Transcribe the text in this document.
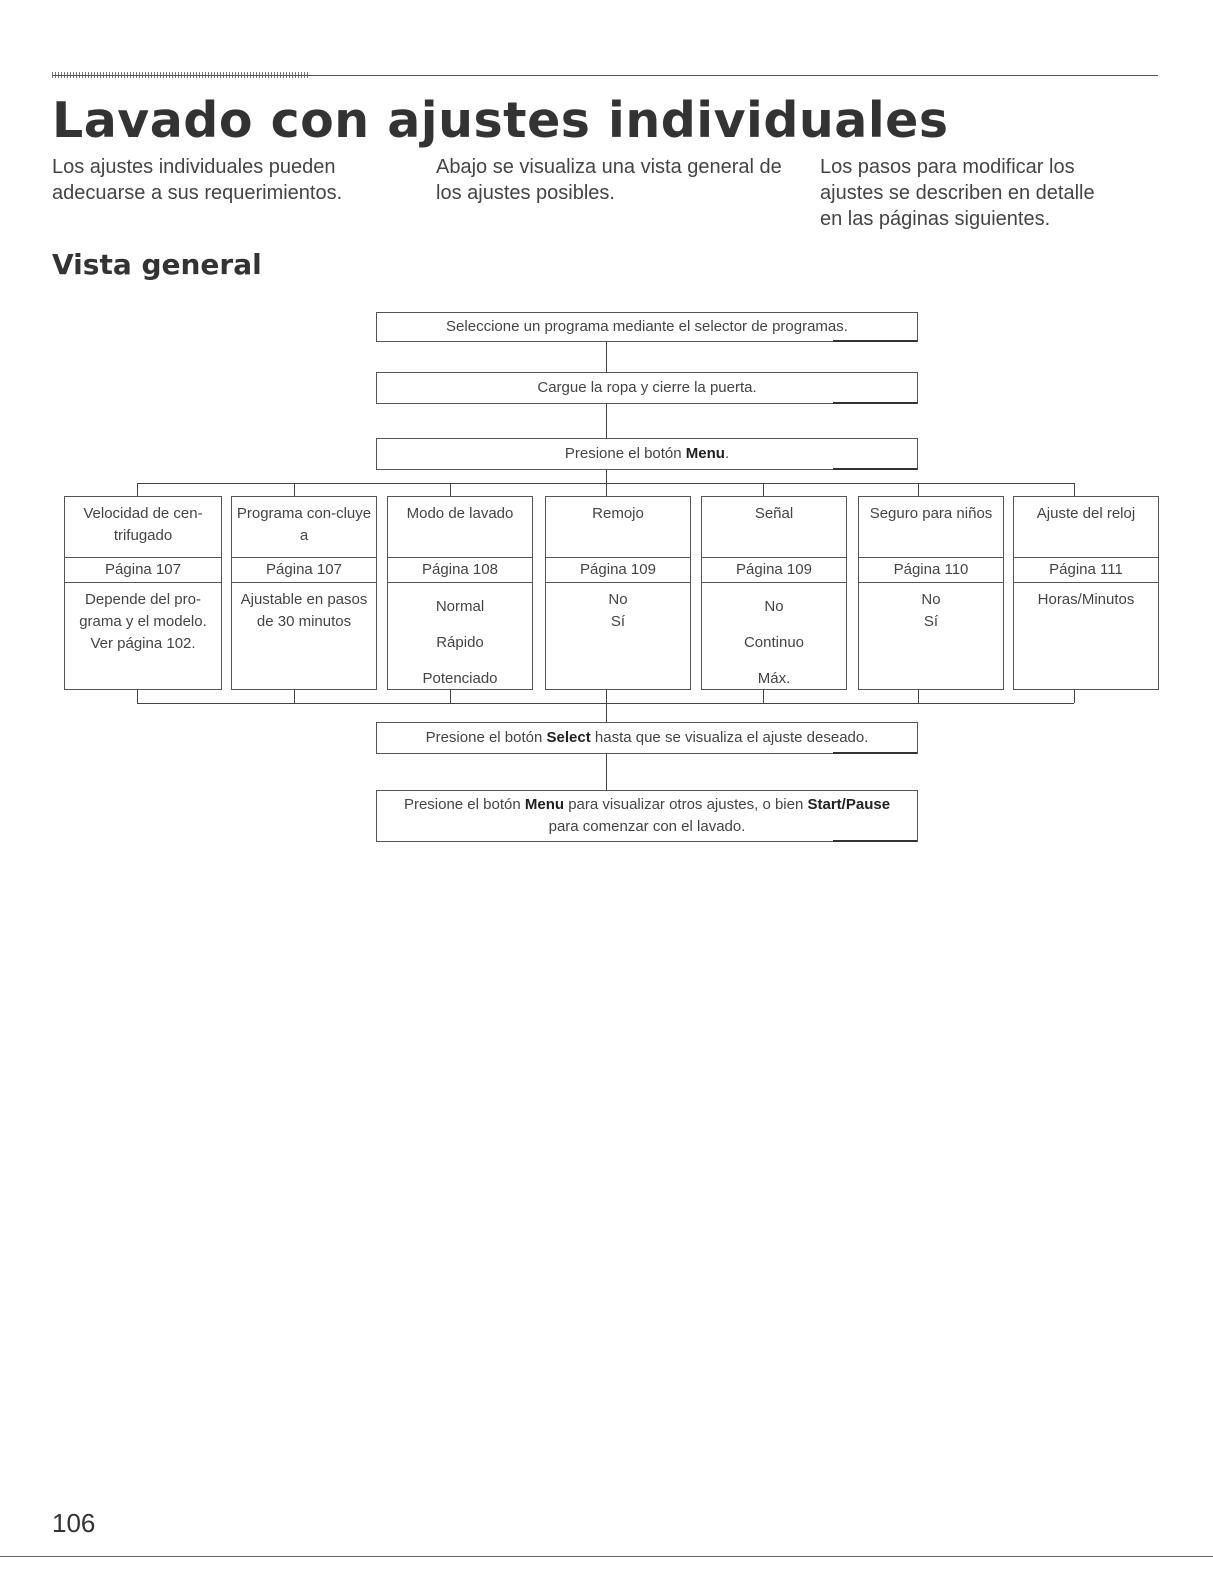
Lavado con ajustes individuales

Los ajustes individuales pueden adecuarse a sus requerimientos.

Abajo se visualiza una vista general de los ajustes posibles.

Los pasos para modificar los ajustes se describen en detalle en las páginas siguientes.

Vista general
Seleccione un programa mediante el selector de programas.
Cargue la ropa y cierre la puerta.
Presione el botón Menu.
Velocidad de cen-trifugado
Página 107
Depende del pro-grama y el modelo.
Ver página 102.
Programa con-cluye a
Página 107
Ajustable en pasos
de 30 minutos
Modo de lavado
Página 108
Normal
Rápido
Potenciado
Remojo
Página 109
No
Sí
Señal
Página 109
No
Continuo
Máx.
Seguro para niños
Página 110
No
Sí
Ajuste del reloj
Página 111
Horas/Minutos
Presione el botón Select hasta que se visualiza el ajuste deseado.
Presione el botón Menu para visualizar otros ajustes, o bien Start/Pause
para comenzar con el lavado.

106
